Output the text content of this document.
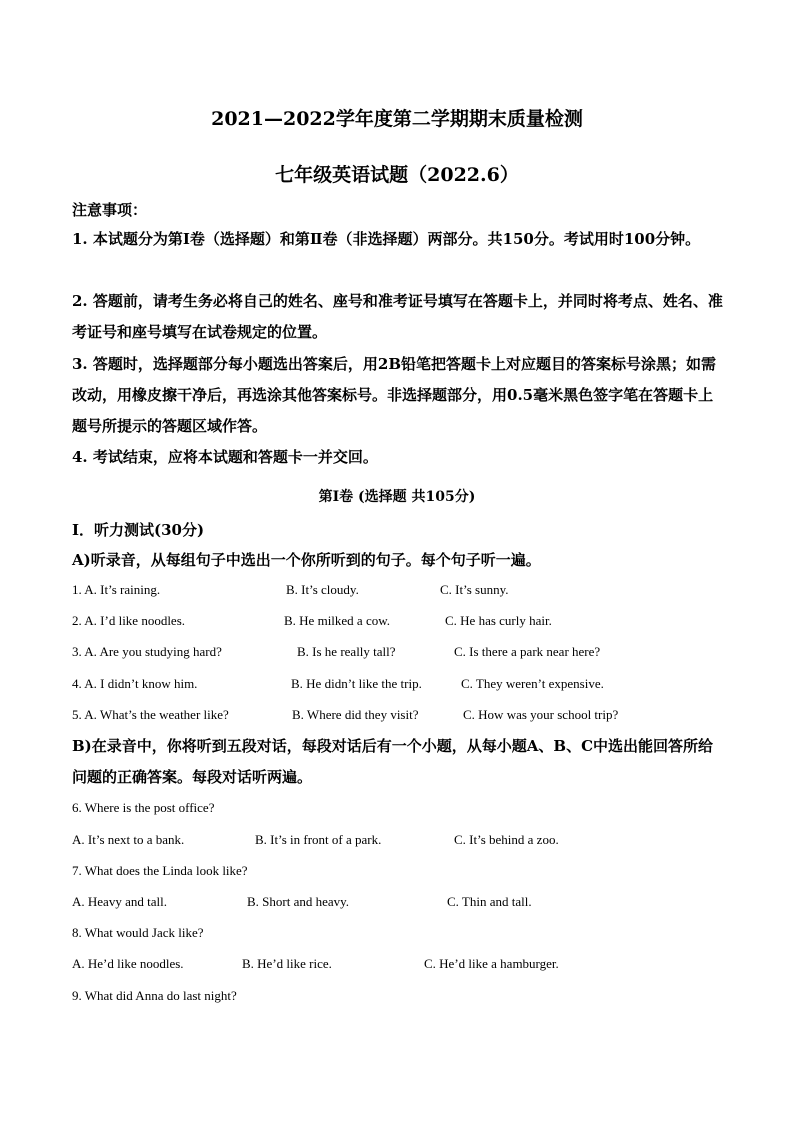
2021—2022学年度第二学期期末质量检测
七年级英语试题（2022.6）
注意事项：
1. 本试题分为第Ⅰ卷（选择题）和第Ⅱ卷（非选择题）两部分。共150分。考试用时100分钟。
2. 答题前，请考生务必将自己的姓名、座号和准考证号填写在答题卡上，并同时将考点、姓名、准考证号和座号填写在试卷规定的位置。
3. 答题时，选择题部分每小题选出答案后，用2B铅笔把答题卡上对应题目的答案标号涂黑；如需改动，用橡皮擦干净后，再选涂其他答案标号。非选择题部分，用0.5毫米黑色签字笔在答题卡上题号所提示的答题区域作答。
4. 考试结束，应将本试题和答题卡一并交回。
第Ⅰ卷 (选择题 共105分)
I．听力测试(30分)
A)听录音，从每组句子中选出一个你所听到的句子。每个句子听一遍。
1. A. It’s raining.	B. It’s cloudy.	C. It’s sunny.
2. A. I’d like noodles.	B. He milked a cow.	C. He has curly hair.
3. A. Are you studying hard?	B. Is he really tall?	C. Is there a park near here?
4. A. I didn’t know him.	B. He didn’t like the trip.	C. They weren’t expensive.
5. A. What’s the weather like?	B. Where did they visit?	C. How was your school trip?
B)在录音中，你将听到五段对话，每段对话后有一个小题，从每小题A、B、C中选出能回答所给问题的正确答案。每段对话听两遍。
6. Where is the post office?
A. It’s next to a bank.	B. It’s in front of a park.	C. It’s behind a zoo.
7. What does the Linda look like?
A. Heavy and tall.	B. Short and heavy.	C. Thin and tall.
8. What would Jack like?
A. He’d like noodles.	B. He’d like rice.	C. He’d like a hamburger.
9. What did Anna do last night?
